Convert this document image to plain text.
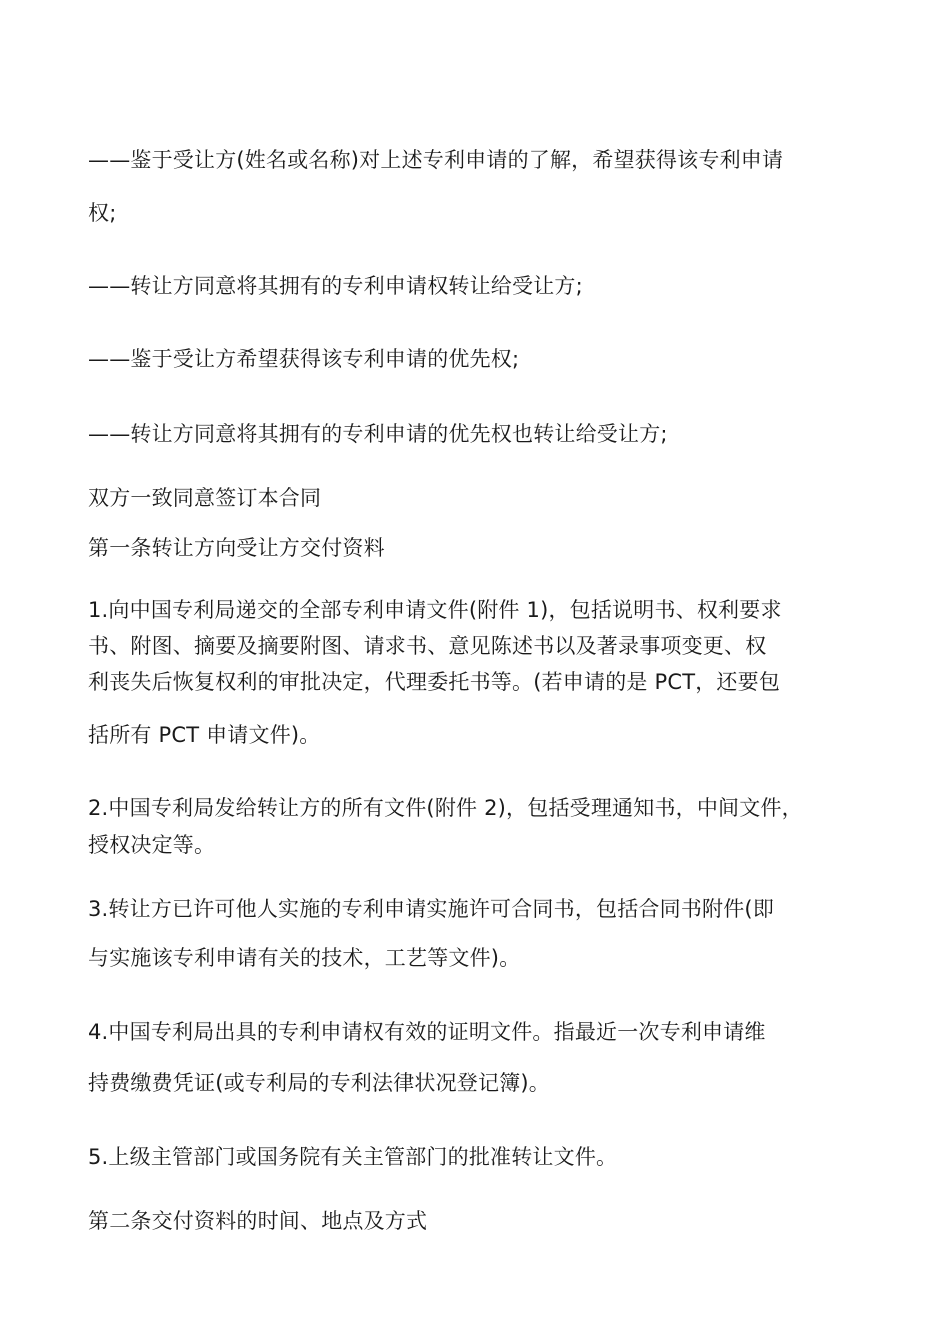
——鉴于受让方(姓名或名称)对上述专利申请的了解，希望获得该专利申请
权;
——转让方同意将其拥有的专利申请权转让给受让方;
——鉴于受让方希望获得该专利申请的优先权;
——转让方同意将其拥有的专利申请的优先权也转让给受让方;
双方一致同意签订本合同
第一条转让方向受让方交付资料
1.向中国专利局递交的全部专利申请文件(附件 1)，包括说明书、权利要求
书、附图、摘要及摘要附图、请求书、意见陈述书以及著录事项变更、权
利丧失后恢复权利的审批决定，代理委托书等。(若申请的是 PCT，还要包
括所有 PCT 申请文件)。
2.中国专利局发给转让方的所有文件(附件 2)，包括受理通知书，中间文件，
授权决定等。
3.转让方已许可他人实施的专利申请实施许可合同书，包括合同书附件(即
与实施该专利申请有关的技术，工艺等文件)。
4.中国专利局出具的专利申请权有效的证明文件。指最近一次专利申请维
持费缴费凭证(或专利局的专利法律状况登记簿)。
5.上级主管部门或国务院有关主管部门的批准转让文件。
第二条交付资料的时间、地点及方式
